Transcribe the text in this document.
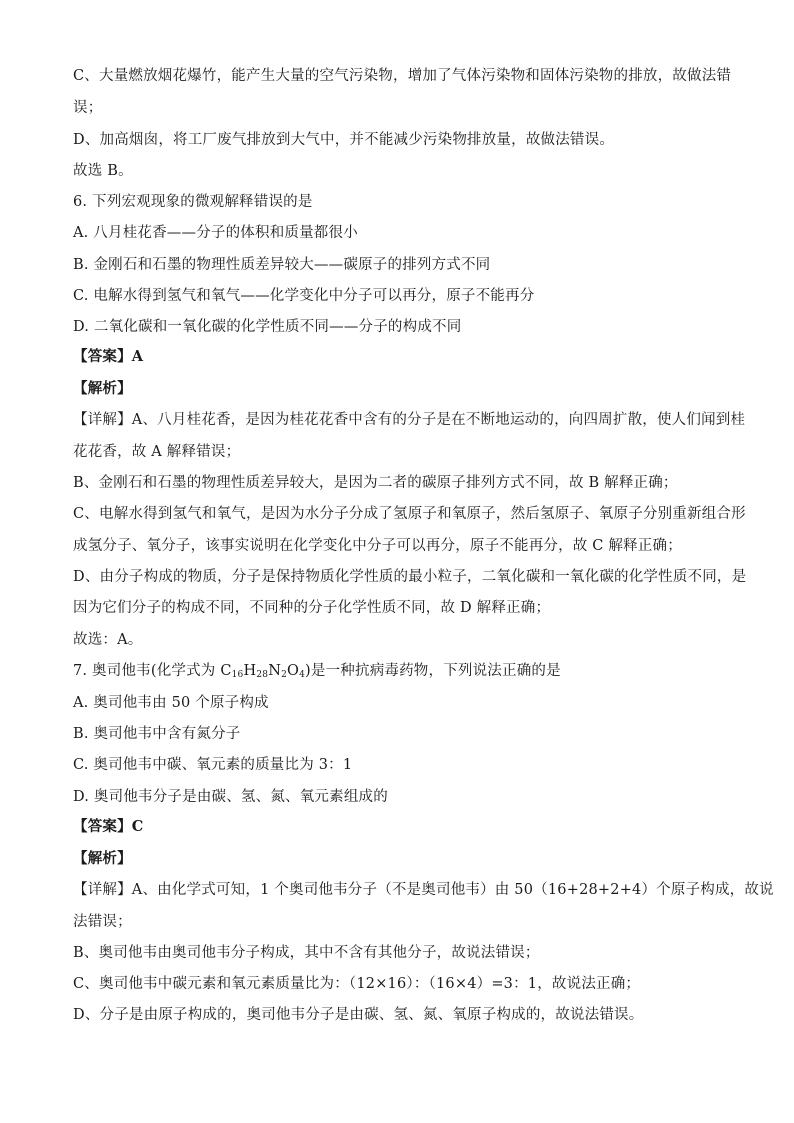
C、大量燃放烟花爆竹，能产生大量的空气污染物，增加了气体污染物和固体污染物的排放，故做法错
误；
D、加高烟囱，将工厂废气排放到大气中，并不能减少污染物排放量，故做法错误。
故选 B。
6. 下列宏观现象的微观解释错误的是
A. 八月桂花香——分子的体积和质量都很小
B. 金刚石和石墨的物理性质差异较大——碳原子的排列方式不同
C. 电解水得到氢气和氧气——化学变化中分子可以再分，原子不能再分
D. 二氧化碳和一氧化碳的化学性质不同——分子的构成不同
【答案】A
【解析】
【详解】A、八月桂花香，是因为桂花花香中含有的分子是在不断地运动的，向四周扩散，使人们闻到桂
花花香，故 A 解释错误；
B、金刚石和石墨的物理性质差异较大，是因为二者的碳原子排列方式不同，故 B 解释正确；
C、电解水得到氢气和氧气，是因为水分子分成了氢原子和氧原子，然后氢原子、氧原子分别重新组合形
成氢分子、氧分子，该事实说明在化学变化中分子可以再分，原子不能再分，故 C 解释正确；
D、由分子构成的物质，分子是保持物质化学性质的最小粒子，二氧化碳和一氧化碳的化学性质不同，是
因为它们分子的构成不同，不同种的分子化学性质不同，故 D 解释正确；
故选：A。
7. 奥司他韦(化学式为 $C_{16}H_{28}N_2O_4$)是一种抗病毒药物，下列说法正确的是
A. 奥司他韦由 50 个原子构成
B. 奥司他韦中含有氮分子
C. 奥司他韦中碳、氧元素的质量比为 3：1
D. 奥司他韦分子是由碳、氢、氮、氧元素组成的
【答案】C
【解析】
【详解】A、由化学式可知，1 个奥司他韦分子（不是奥司他韦）由 50（16+28+2+4）个原子构成，故说
法错误；
B、奥司他韦由奥司他韦分子构成，其中不含有其他分子，故说法错误；
C、奥司他韦中碳元素和氧元素质量比为：（12×16）：（16×4）=3：1，故说法正确；
D、分子是由原子构成的，奥司他韦分子是由碳、氢、氮、氧原子构成的，故说法错误。
